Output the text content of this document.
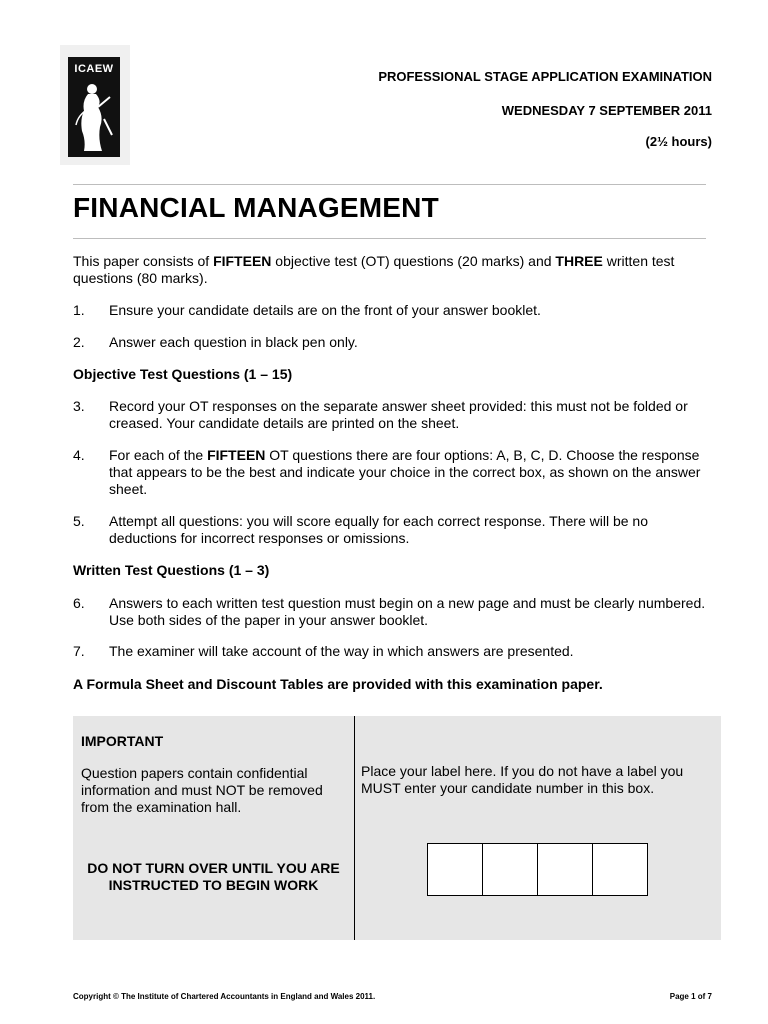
ICAEW	PROFESSIONAL STAGE APPLICATION EXAMINATION
WEDNESDAY 7 SEPTEMBER 2011
(2½ hours)
FINANCIAL MANAGEMENT
This paper consists of FIFTEEN objective test (OT) questions (20 marks) and THREE written test questions (80 marks).
1. Ensure your candidate details are on the front of your answer booklet.
2. Answer each question in black pen only.
Objective Test Questions (1 – 15)
3. Record your OT responses on the separate answer sheet provided: this must not be folded or creased. Your candidate details are printed on the sheet.
4. For each of the FIFTEEN OT questions there are four options: A, B, C, D. Choose the response that appears to be the best and indicate your choice in the correct box, as shown on the answer sheet.
5. Attempt all questions: you will score equally for each correct response. There will be no deductions for incorrect responses or omissions.
Written Test Questions (1 – 3)
6. Answers to each written test question must begin on a new page and must be clearly numbered. Use both sides of the paper in your answer booklet.
7. The examiner will take account of the way in which answers are presented.
A Formula Sheet and Discount Tables are provided with this examination paper.
IMPORTANT
Question papers contain confidential information and must NOT be removed from the examination hall.
DO NOT TURN OVER UNTIL YOU ARE INSTRUCTED TO BEGIN WORK
Place your label here. If you do not have a label you MUST enter your candidate number in this box.
Copyright © The Institute of Chartered Accountants in England and Wales 2011.	Page 1 of 7
